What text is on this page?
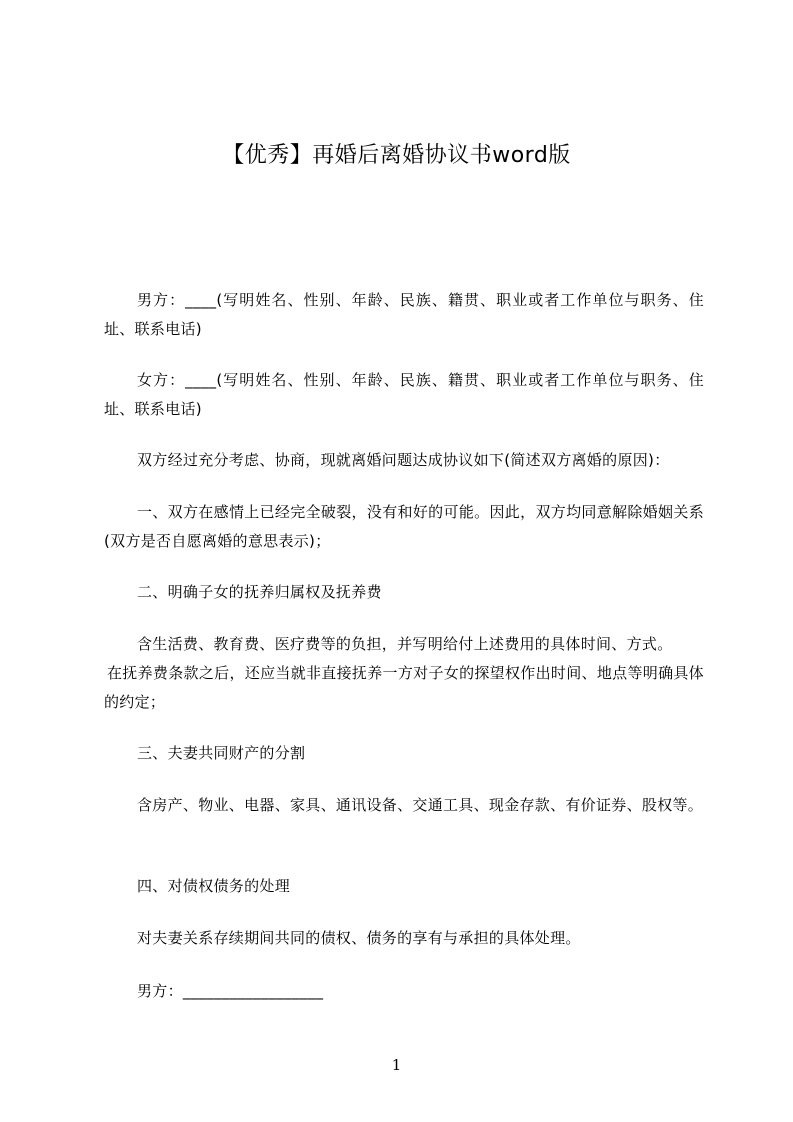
【优秀】再婚后离婚协议书word版

男方：____(写明姓名、性别、年龄、民族、籍贯、职业或者工作单位与职务、住址、联系电话)

女方：____(写明姓名、性别、年龄、民族、籍贯、职业或者工作单位与职务、住址、联系电话)

双方经过充分考虑、协商，现就离婚问题达成协议如下(简述双方离婚的原因)：

一、双方在感情上已经完全破裂，没有和好的可能。因此，双方均同意解除婚姻关系(双方是否自愿离婚的意思表示)；

二、明确子女的抚养归属权及抚养费

含生活费、教育费、医疗费等的负担，并写明给付上述费用的具体时间、方式。

在抚养费条款之后，还应当就非直接抚养一方对子女的探望权作出时间、地点等明确具体的约定；

三、夫妻共同财产的分割

含房产、物业、电器、家具、通讯设备、交通工具、现金存款、有价证券、股权等。

四、对债权债务的处理

对夫妻关系存续期间共同的债权、债务的享有与承担的具体处理。

男方：__________________

1
